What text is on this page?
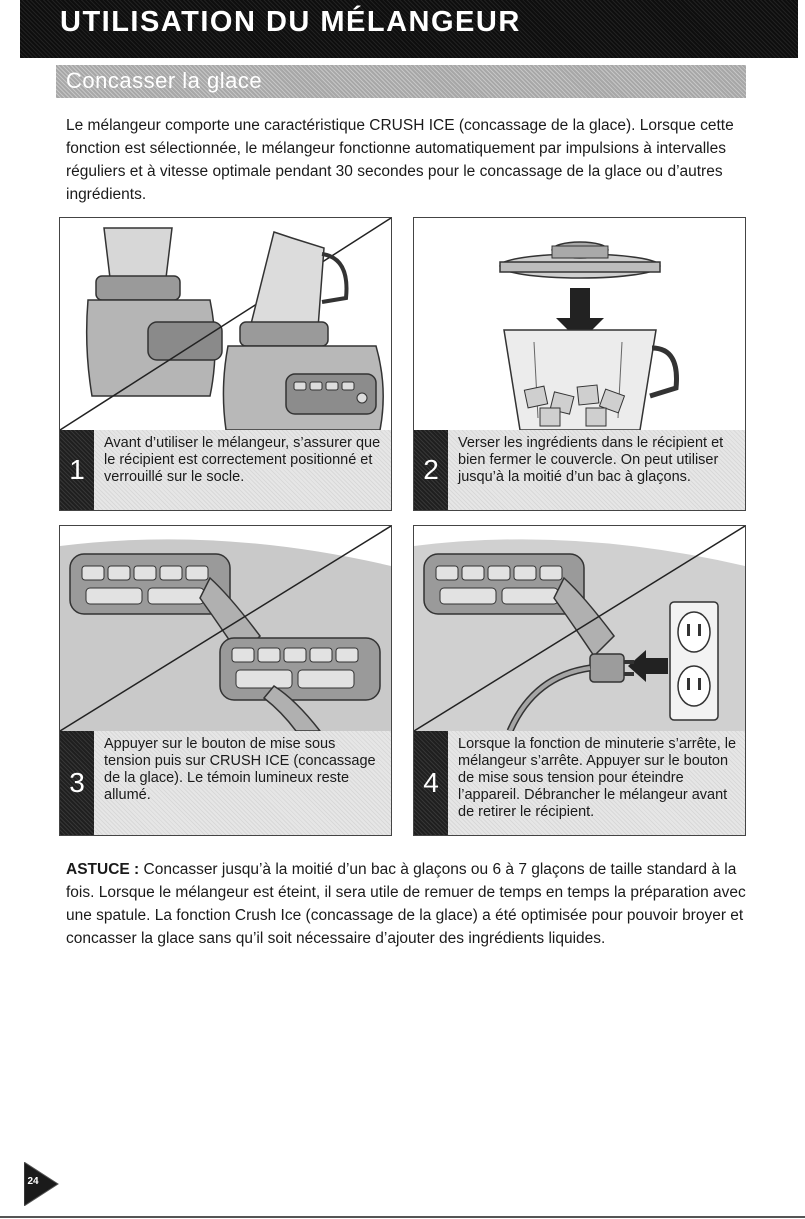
UTILISATION DU MÉLANGEUR
Concasser la glace

Le mélangeur comporte une caractéristique CRUSH ICE (concassage de la glace). Lorsque cette fonction est sélectionnée, le mélangeur fonctionne automatiquement par impulsions à intervalles réguliers et à vitesse optimale pendant 30 secondes pour le concassage de la glace ou d’autres ingrédients.

1

Avant d’utiliser le mélangeur, s’assurer que le récipient est correctement positionné et verrouillé sur le socle.	2

Verser les ingrédients dans le récipient et bien fermer le couvercle. On peut utiliser jusqu’à la moitié d’un bac à glaçons.

3

Appuyer sur le bouton de mise sous tension puis sur CRUSH ICE (concassage de la glace). Le témoin lumineux reste allumé.	4

Lorsque la fonction de minuterie s’arrête, le mélangeur s’arrête. Appuyer sur le bouton de mise sous tension pour éteindre l’appareil. Débrancher le mélangeur avant de retirer le récipient.

ASTUCE : Concasser jusqu’à la moitié d’un bac à glaçons ou 6 à 7 glaçons de taille standard à la fois. Lorsque le mélangeur est éteint, il sera utile de remuer de temps en temps la préparation avec une spatule. La fonction Crush Ice (concassage de la glace) a été optimisée pour pouvoir broyer et concasser la glace sans qu’il soit nécessaire d’ajouter des ingrédients liquides.

24
